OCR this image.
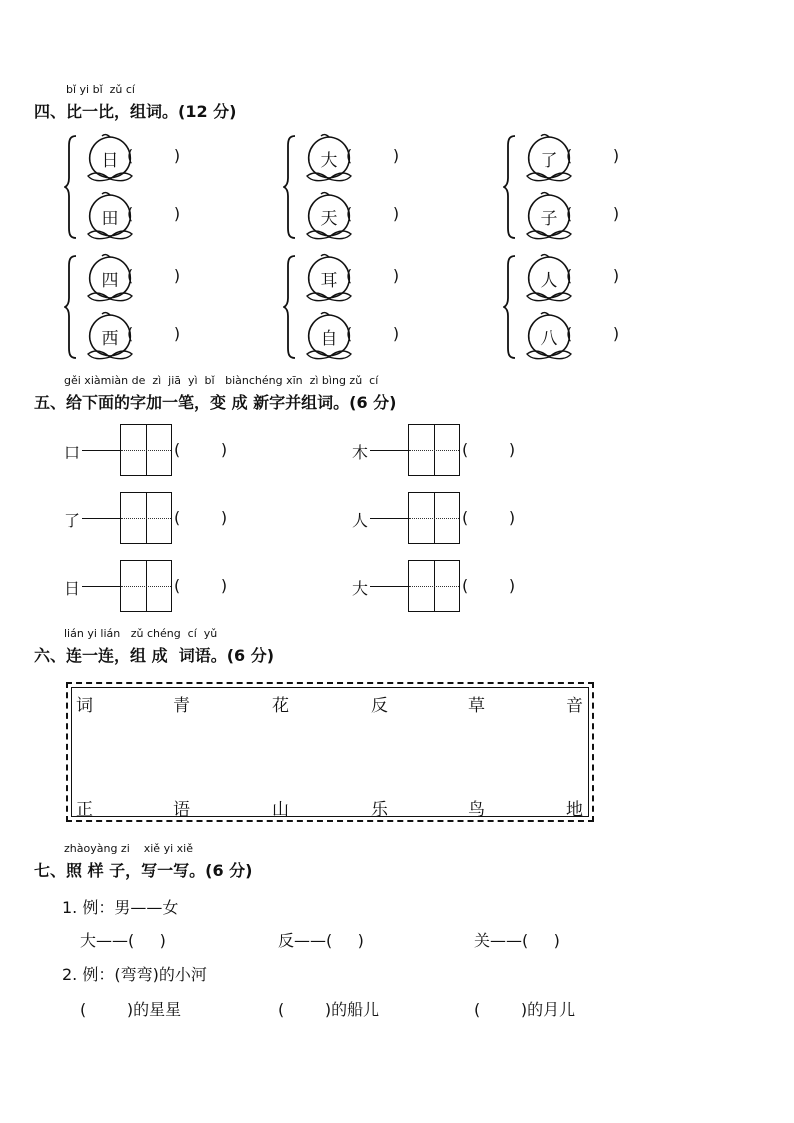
bǐ yi bǐ  zǔ cí
四、比一比，组词。(12 分)
日 (        )
田 (        )
大 (        )
天 (        )
了 (        )
子 (        )
四 (        )
西 (        )
耳 (        )
自 (        )
人 (        )
八 (        )
gěi xiàmiàn de  zì  jiā  yì  bǐ   biànchéng xīn  zì bìng zǔ  cí
五、给下面的字加一笔，变 成 新字并组词。(6 分)
口	(        )	木	(        )
了	(        )	人	(        )
日	(        )	大	(        )
lián yi lián   zǔ chéng  cí  yǔ
六、连一连，组 成  词语。(6 分)
词	青	花	反	草	音
正	语	山	乐	鸟	地
zhàoyàng zi    xiě yi xiě
七、照 样 子，写一写。(6 分)
1. 例：男——女
大——(     )	反——(     )	关——(     )
2. 例：(弯弯)的小河
(        )的星星	(        )的船儿	(        )的月儿
